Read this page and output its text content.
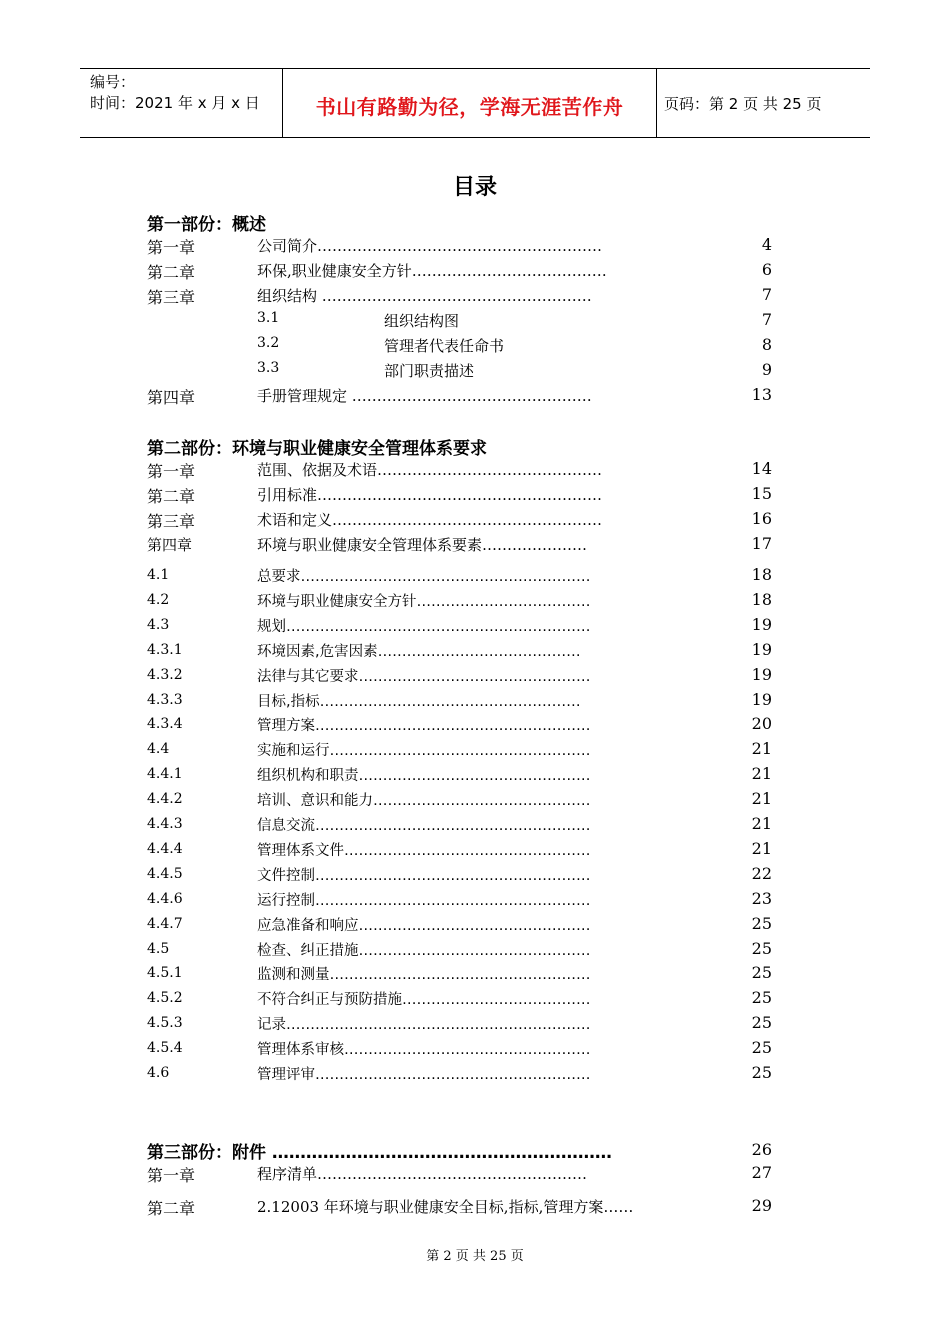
编号：
时间：2021 年 x 月 x 日	书山有路勤为径，学海无涯苦作舟	页码：第 2 页 共 25 页
目录
第一部份：概述
第一章	公司简介…………………………………………………	4
第二章	环保,职业健康安全方针…………………………………	6
第三章	组织结构 ………………………………………………	7
3.1	组织结构图	7
3.2	管理者代表任命书	8
3.3	部门职责描述	9
第四章	手册管理规定 …………………………………………	13
第二部份：环境与职业健康安全管理体系要求
第一章	范围、依据及术语………………………………………	14
第二章	引用标准…………………………………………………	15
第三章	术语和定义………………………………………………	16
第四章	环境与职业健康安全管理体系要素…………………	17
4.1	总要求……………………………………………………	18
4.2	环境与职业健康安全方针………………………………	18
4.3	规划………………………………………………………	19
4.3.1	环境因素,危害因素……………………………………	19
4.3.2	法律与其它要求…………………………………………	19
4.3.3	目标,指标………………………………………………	19
4.3.4	管理方案…………………………………………………	20
4.4	实施和运行………………………………………………	21
4.4.1	组织机构和职责…………………………………………	21
4.4.2	培训、意识和能力………………………………………	21
4.4.3	信息交流…………………………………………………	21
4.4.4	管理体系文件……………………………………………	21
4.4.5	文件控制…………………………………………………	22
4.4.6	运行控制…………………………………………………	23
4.4.7	应急准备和响应…………………………………………	25
4.5	检查、纠正措施…………………………………………	25
4.5.1	监测和测量………………………………………………	25
4.5.2	不符合纠正与预防措施…………………………………	25
4.5.3	记录………………………………………………………	25
4.5.4	管理体系审核……………………………………………	25
4.6	管理评审…………………………………………………	25
第三部份：附件 ……………………………………………………	26
第一章	程序清单………………………………………………	27
第二章	2.12003 年环境与职业健康安全目标,指标,管理方案……	29
第 2 页 共 25 页
